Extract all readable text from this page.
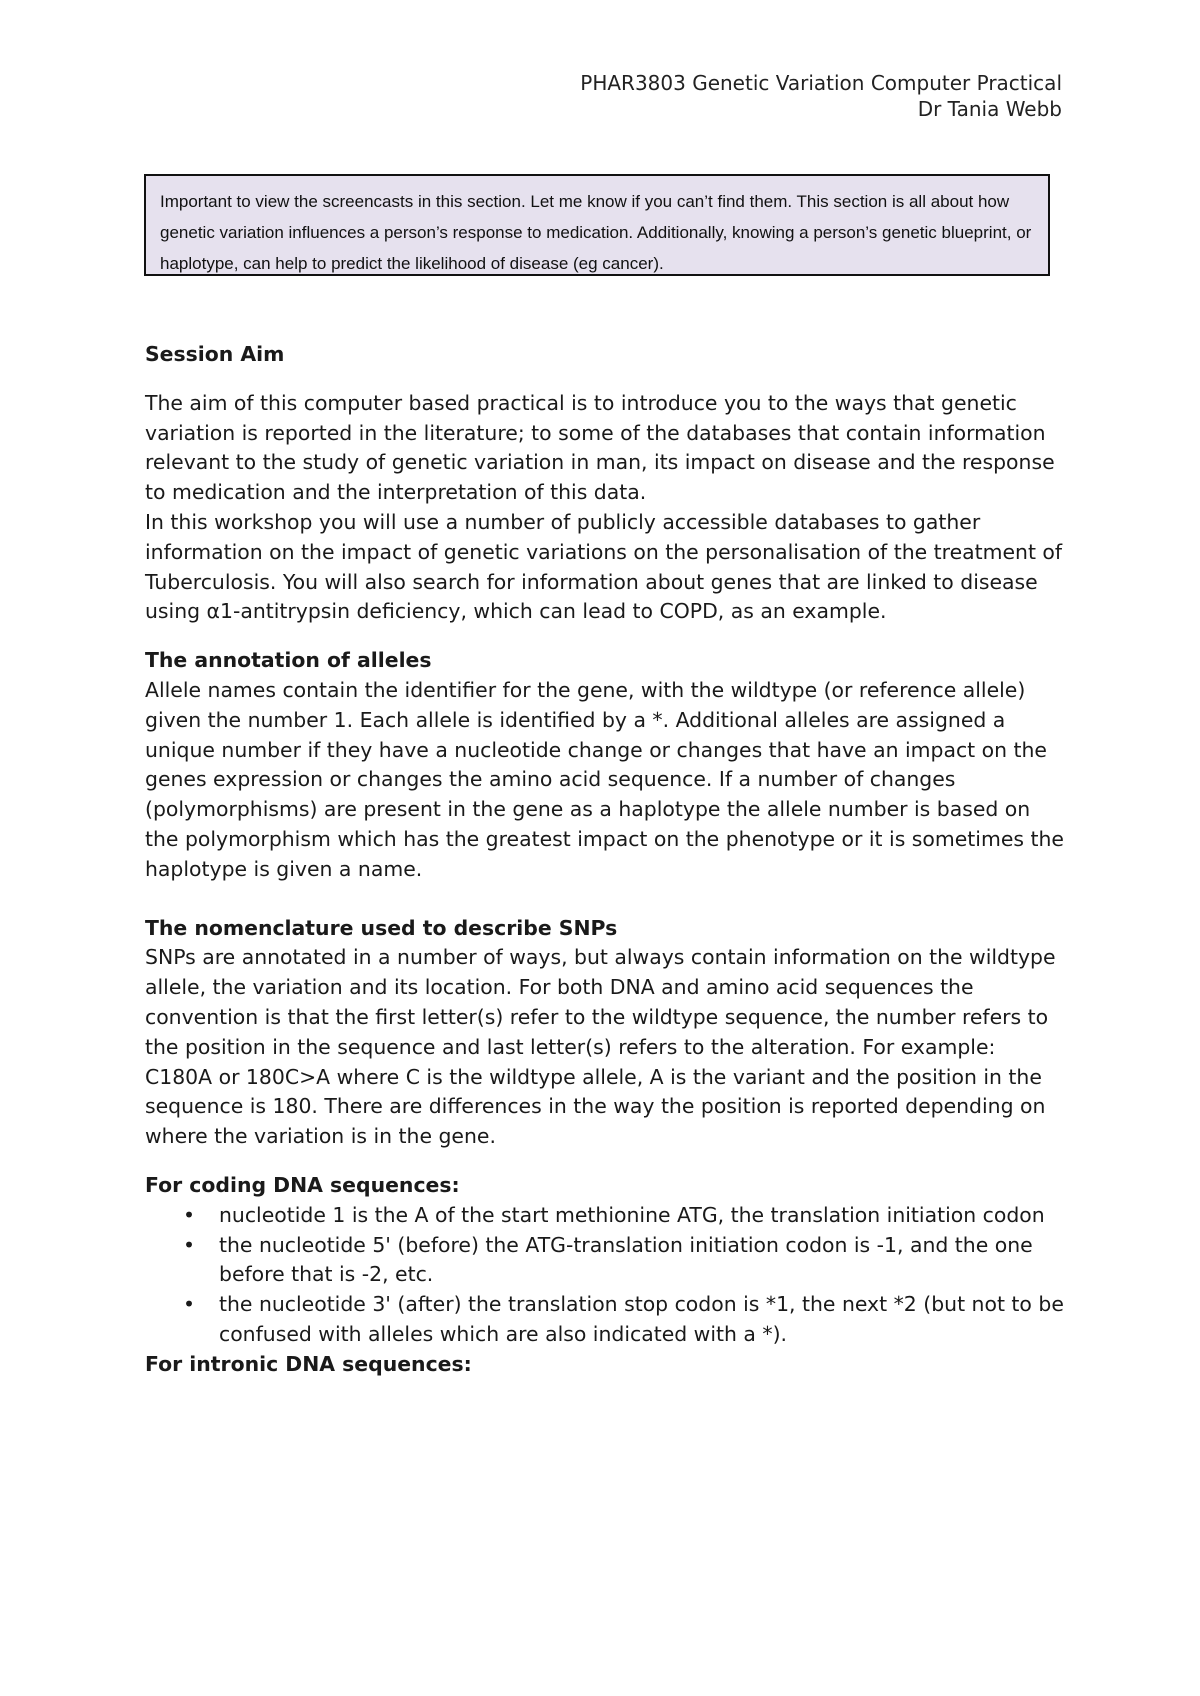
PHAR3803 Genetic Variation Computer Practical
Dr Tania Webb
Important to view the screencasts in this section. Let me know if you can’t find them. This section is all about how genetic variation influences a person’s response to medication. Additionally, knowing a person’s genetic blueprint, or haplotype, can help to predict the likelihood of disease (eg cancer).
Session Aim

The aim of this computer based practical is to introduce you to the ways that genetic variation is reported in the literature; to some of the databases that contain information relevant to the study of genetic variation in man, its impact on disease and the response to medication and the interpretation of this data.

In this workshop you will use a number of publicly accessible databases to gather information on the impact of genetic variations on the personalisation of the treatment of Tuberculosis. You will also search for information about genes that are linked to disease using α1-antitrypsin deficiency, which can lead to COPD, as an example.

The annotation of alleles

Allele names contain the identifier for the gene, with the wildtype (or reference allele) given the number 1. Each allele is identified by a *. Additional alleles are assigned a unique number if they have a nucleotide change or changes that have an impact on the genes expression or changes the amino acid sequence. If a number of changes (polymorphisms) are present in the gene as a haplotype the allele number is based on the polymorphism which has the greatest impact on the phenotype or it is sometimes the haplotype is given a name.

The nomenclature used to describe SNPs

SNPs are annotated in a number of ways, but always contain information on the wildtype allele, the variation and its location. For both DNA and amino acid sequences the convention is that the first letter(s) refer to the wildtype sequence, the number refers to the position in the sequence and last letter(s) refers to the alteration. For example: C180A or 180C>A where C is the wildtype allele, A is the variant and the position in the sequence is 180. There are differences in the way the position is reported depending on where the variation is in the gene.

For coding DNA sequences:
• nucleotide 1 is the A of the start methionine ATG, the translation initiation codon
• the nucleotide 5' (before) the ATG-translation initiation codon is -1, and the one before that is -2, etc.
• the nucleotide 3' (after) the translation stop codon is *1, the next *2 (but not to be confused with alleles which are also indicated with a *).
For intronic DNA sequences:
